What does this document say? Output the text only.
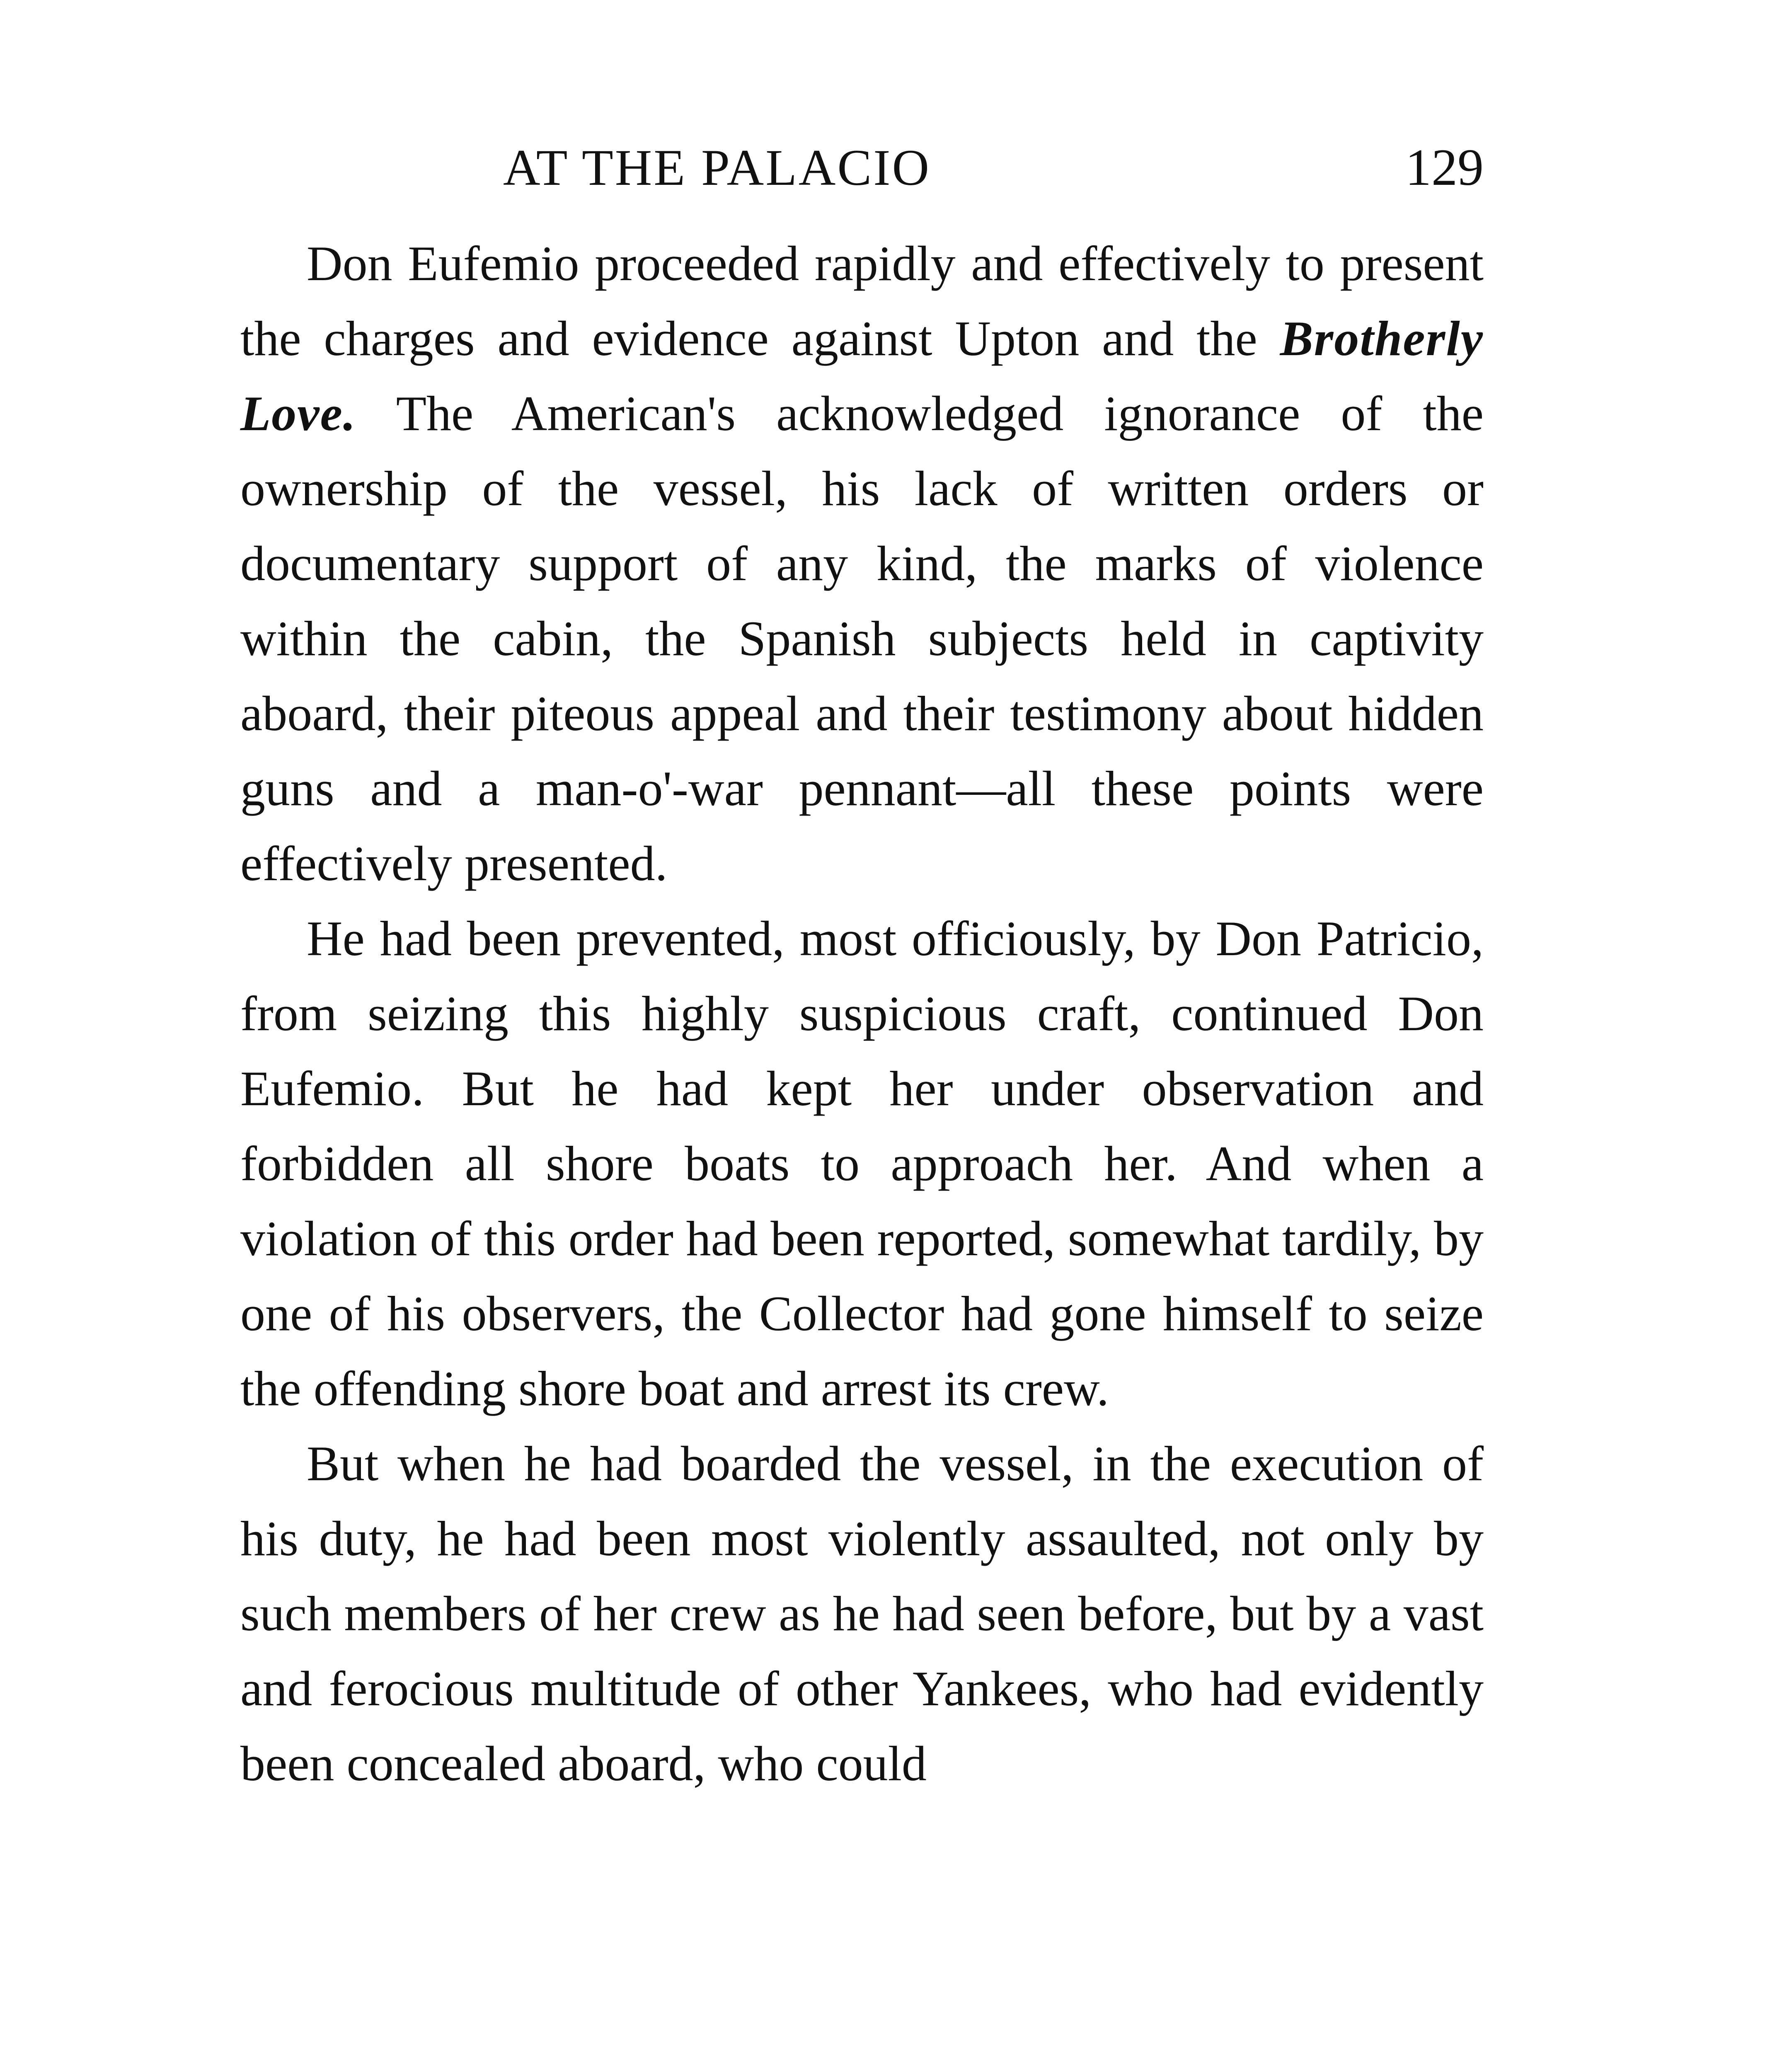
AT THE PALACIO	129

Don Eufemio proceeded rapidly and effectively to present the charges and evidence against Upton and the Brotherly Love. The American's acknowledged ignorance of the ownership of the vessel, his lack of written orders or documentary support of any kind, the marks of violence within the cabin, the Spanish subjects held in captivity aboard, their piteous appeal and their testimony about hidden guns and a man-o'-war pennant—all these points were effectively presented.

He had been prevented, most officiously, by Don Patricio, from seizing this highly suspicious craft, continued Don Eufemio. But he had kept her under observation and forbidden all shore boats to approach her. And when a violation of this order had been reported, somewhat tardily, by one of his observers, the Collector had gone himself to seize the offending shore boat and arrest its crew.

But when he had boarded the vessel, in the execution of his duty, he had been most violently assaulted, not only by such members of her crew as he had seen before, but by a vast and ferocious multitude of other Yankees, who had evidently been concealed aboard, who could
